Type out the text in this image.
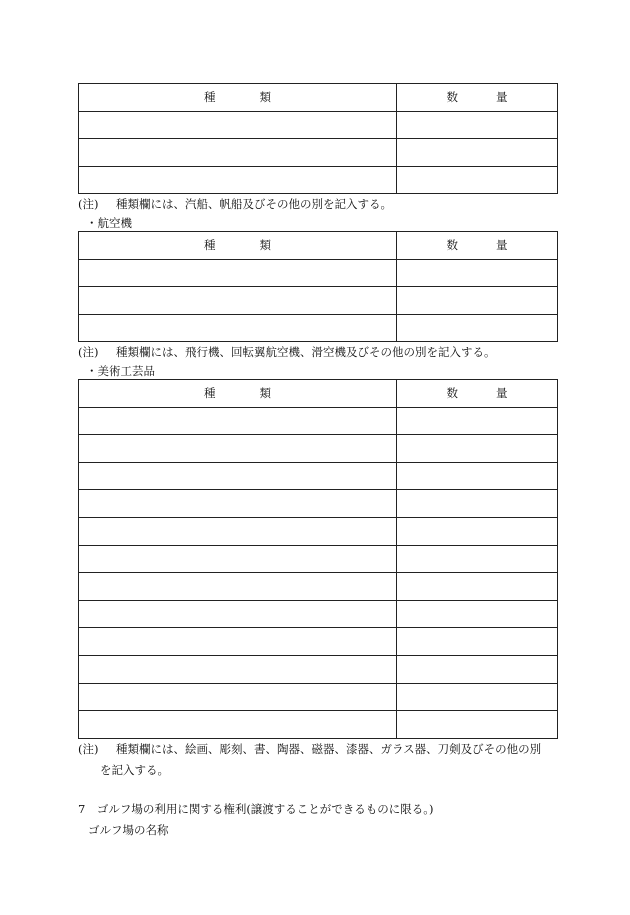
種 類	数 量

(注) 種類欄には、汽船、帆船及びその他の別を記入する。
・航空機
種 類	数 量

(注) 種類欄には、飛行機、回転翼航空機、滑空機及びその他の別を記入する。
・美術工芸品
種 類	数 量

(注) 種類欄には、絵画、彫刻、書、陶器、磁器、漆器、ガラス器、刀剣及びその他の別
を記入する。
7　ゴルフ場の利用に関する権利(譲渡することができるものに限る。)
ゴルフ場の名称
